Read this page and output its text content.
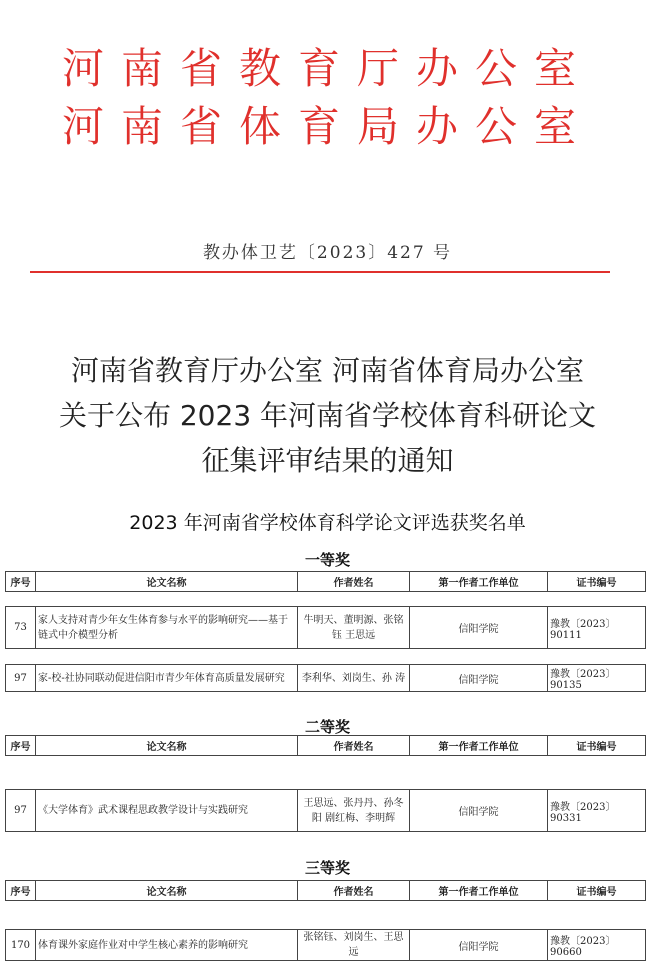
河南省教育厅办公室
河南省体育局办公室
教办体卫艺〔2023〕427 号
河南省教育厅办公室 河南省体育局办公室
关于公布 2023 年河南省学校体育科研论文
征集评审结果的通知
2023 年河南省学校体育科学论文评选获奖名单
一等奖
序号	论文名称	作者姓名	第一作者工作单位	证书编号
73	家人支持对青少年女生体育参与水平的影响研究——基于链式中介模型分析	牛明天、董明源、张铭钰 王思远	信阳学院	豫教〔2023〕90111
97	家-校-社协同联动促进信阳市青少年体育高质量发展研究	李利华、刘岗生、孙 涛	信阳学院	豫教〔2023〕90135
二等奖
序号	论文名称	作者姓名	第一作者工作单位	证书编号
97	《大学体育》武术课程思政教学设计与实践研究	王思远、张丹丹、孙冬阳 剧红梅、李明辉	信阳学院	豫教〔2023〕90331
三等奖
序号	论文名称	作者姓名	第一作者工作单位	证书编号
170	体育课外家庭作业对中学生核心素养的影响研究	张铭钰、刘岗生、王思远	信阳学院	豫教〔2023〕90660
